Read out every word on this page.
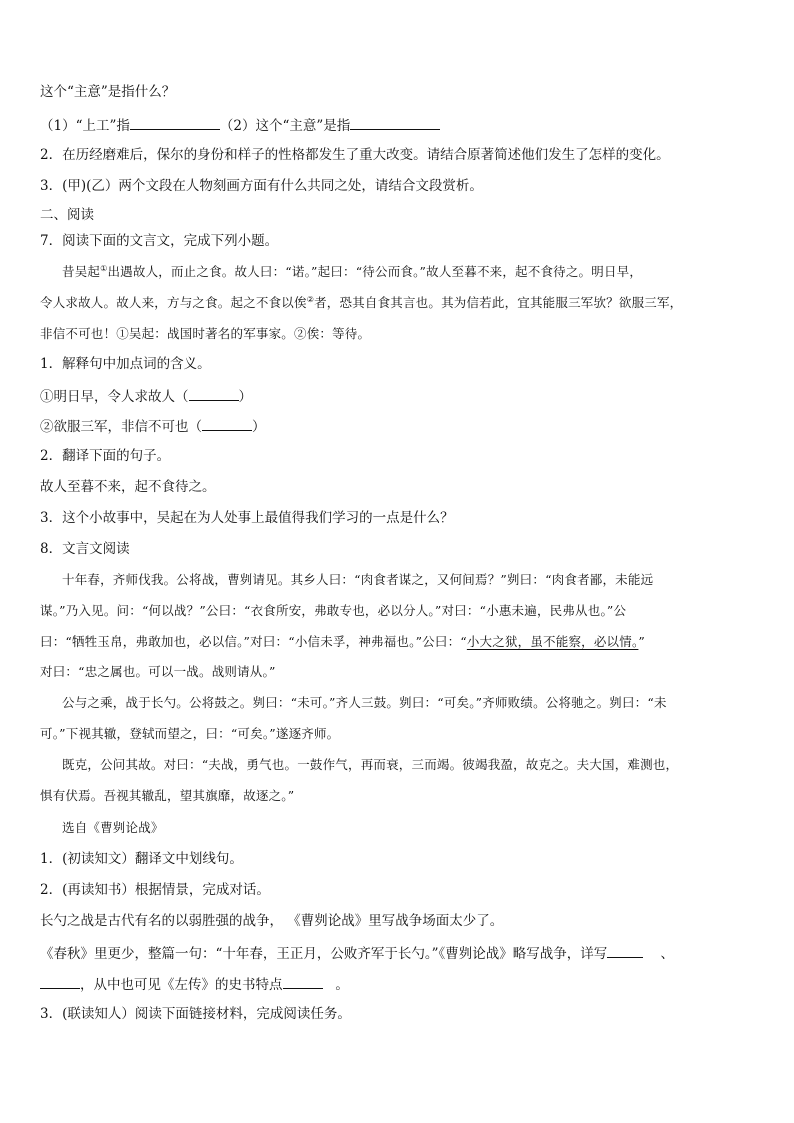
这个“主意”是指什么？
（1）“上工”指	（2）这个“主意”是指
2．在历经磨难后，保尔的身份和样子的性格都发生了重大改变。请结合原著简述他们发生了怎样的变化。
3．(甲)(乙）两个文段在人物刻画方面有什么共同之处，请结合文段赏析。
二、阅读
7．阅读下面的文言文，完成下列小题。
昔吴起①出遇故人，而止之食。故人曰：“诺。”起曰：“待公而食。”故人至暮不来，起不食待之。明日早，
令人求故人。故人来，方与之食。起之不食以俟②者，恐其自食其言也。其为信若此，宜其能服三军欤？欲服三军，
非信不可也！①吴起：战国时著名的军事家。②俟：等待。
1．解释句中加点词的含义。
①明日早，令人求故人（	）
②欲服三军，非信不可也（	）
2．翻译下面的句子。
故人至暮不来，起不食待之。
3．这个小故事中，吴起在为人处事上最值得我们学习的一点是什么？
8．文言文阅读
十年春，齐师伐我。公将战，曹刿请见。其乡人曰：“肉食者谋之，又何间焉？”刿曰：“肉食者鄙，未能远
谋。”乃入见。问：“何以战？”公曰：“衣食所安，弗敢专也，必以分人。”对曰：“小惠未遍，民弗从也。”公
曰：“牺牲玉帛，弗敢加也，必以信。”对曰：“小信未孚，神弗福也。”公曰：“小大之狱，虽不能察，必以情。”
对曰：“忠之属也。可以一战。战则请从。”
公与之乘，战于长勺。公将鼓之。刿曰：“未可。”齐人三鼓。刿曰：“可矣。”齐师败绩。公将驰之。刿曰：“未
可。”下视其辙，登轼而望之，曰：“可矣。”遂逐齐师。
既克，公问其故。对曰：“夫战，勇气也。一鼓作气，再而衰，三而竭。彼竭我盈，故克之。夫大国，难测也，
惧有伏焉。吾视其辙乱，望其旗靡，故逐之。”
选自《曹刿论战》
1．(初读知文）翻译文中划线句。
2．(再读知书）根据情景，完成对话。
长勺之战是古代有名的以弱胜强的战争， 《曹刿论战》里写战争场面太少了。
《春秋》里更少，整篇一句：“十年春，王正月，公败齐军于长勺。”《曹刿论战》略写战争，详写	、
，从中也可见《左传》的史书特点	。
3．(联读知人）阅读下面链接材料，完成阅读任务。
